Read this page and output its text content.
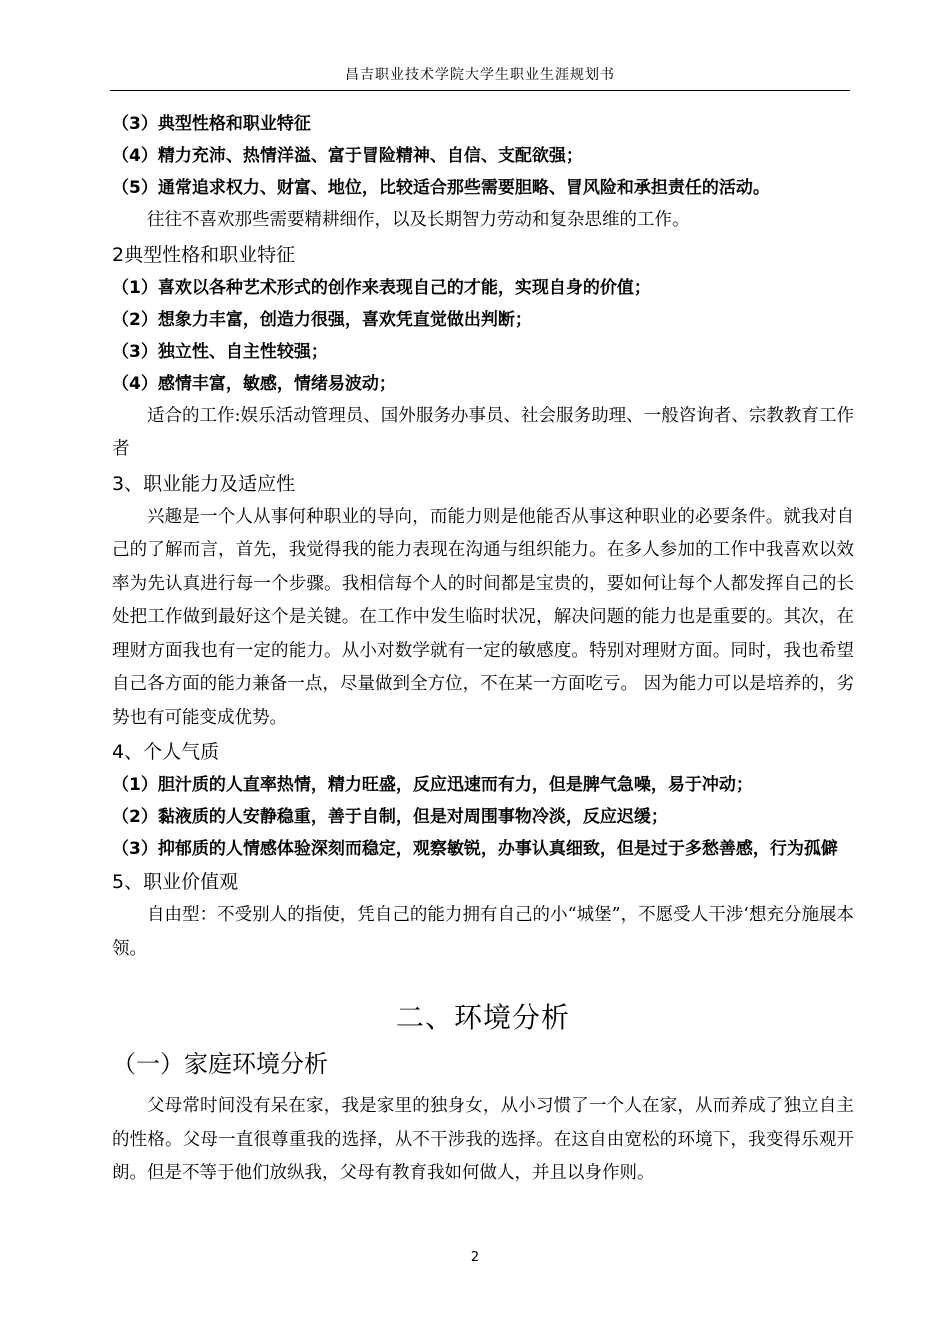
昌吉职业技术学院大学生职业生涯规划书

（3）典型性格和职业特征

（4）精力充沛、热情洋溢、富于冒险精神、自信、支配欲强；

（5）通常追求权力、财富、地位，比较适合那些需要胆略、冒风险和承担责任的活动。

往往不喜欢那些需要精耕细作，以及长期智力劳动和复杂思维的工作。

2典型性格和职业特征

（1）喜欢以各种艺术形式的创作来表现自己的才能，实现自身的价值；

（2）想象力丰富，创造力很强，喜欢凭直觉做出判断；

（3）独立性、自主性较强；

（4）感情丰富，敏感，情绪易波动；

适合的工作:娱乐活动管理员、国外服务办事员、社会服务助理、一般咨询者、宗教教育工作者

3、职业能力及适应性

兴趣是一个人从事何种职业的导向，而能力则是他能否从事这种职业的必要条件。就我对自己的了解而言，首先，我觉得我的能力表现在沟通与组织能力。在多人参加的工作中我喜欢以效率为先认真进行每一个步骤。我相信每个人的时间都是宝贵的，要如何让每个人都发挥自己的长处把工作做到最好这个是关键。在工作中发生临时状况，解决问题的能力也是重要的。其次，在理财方面我也有一定的能力。从小对数学就有一定的敏感度。特别对理财方面。同时，我也希望自己各方面的能力兼备一点，尽量做到全方位，不在某一方面吃亏。 因为能力可以是培养的，劣势也有可能变成优势。

4、个人气质

（1）胆汁质的人直率热情，精力旺盛，反应迅速而有力，但是脾气急噪，易于冲动；

（2）黏液质的人安静稳重，善于自制，但是对周围事物冷淡，反应迟缓；

（3）抑郁质的人情感体验深刻而稳定，观察敏锐，办事认真细致，但是过于多愁善感，行为孤僻

5、职业价值观

自由型：不受别人的指使，凭自己的能力拥有自己的小“城堡”，不愿受人干涉‘想充分施展本领。

二、环境分析

（一）家庭环境分析

父母常时间没有呆在家，我是家里的独身女，从小习惯了一个人在家，从而养成了独立自主的性格。父母一直很尊重我的选择，从不干涉我的选择。在这自由宽松的环境下，我变得乐观开朗。但是不等于他们放纵我，父母有教育我如何做人，并且以身作则。

2
